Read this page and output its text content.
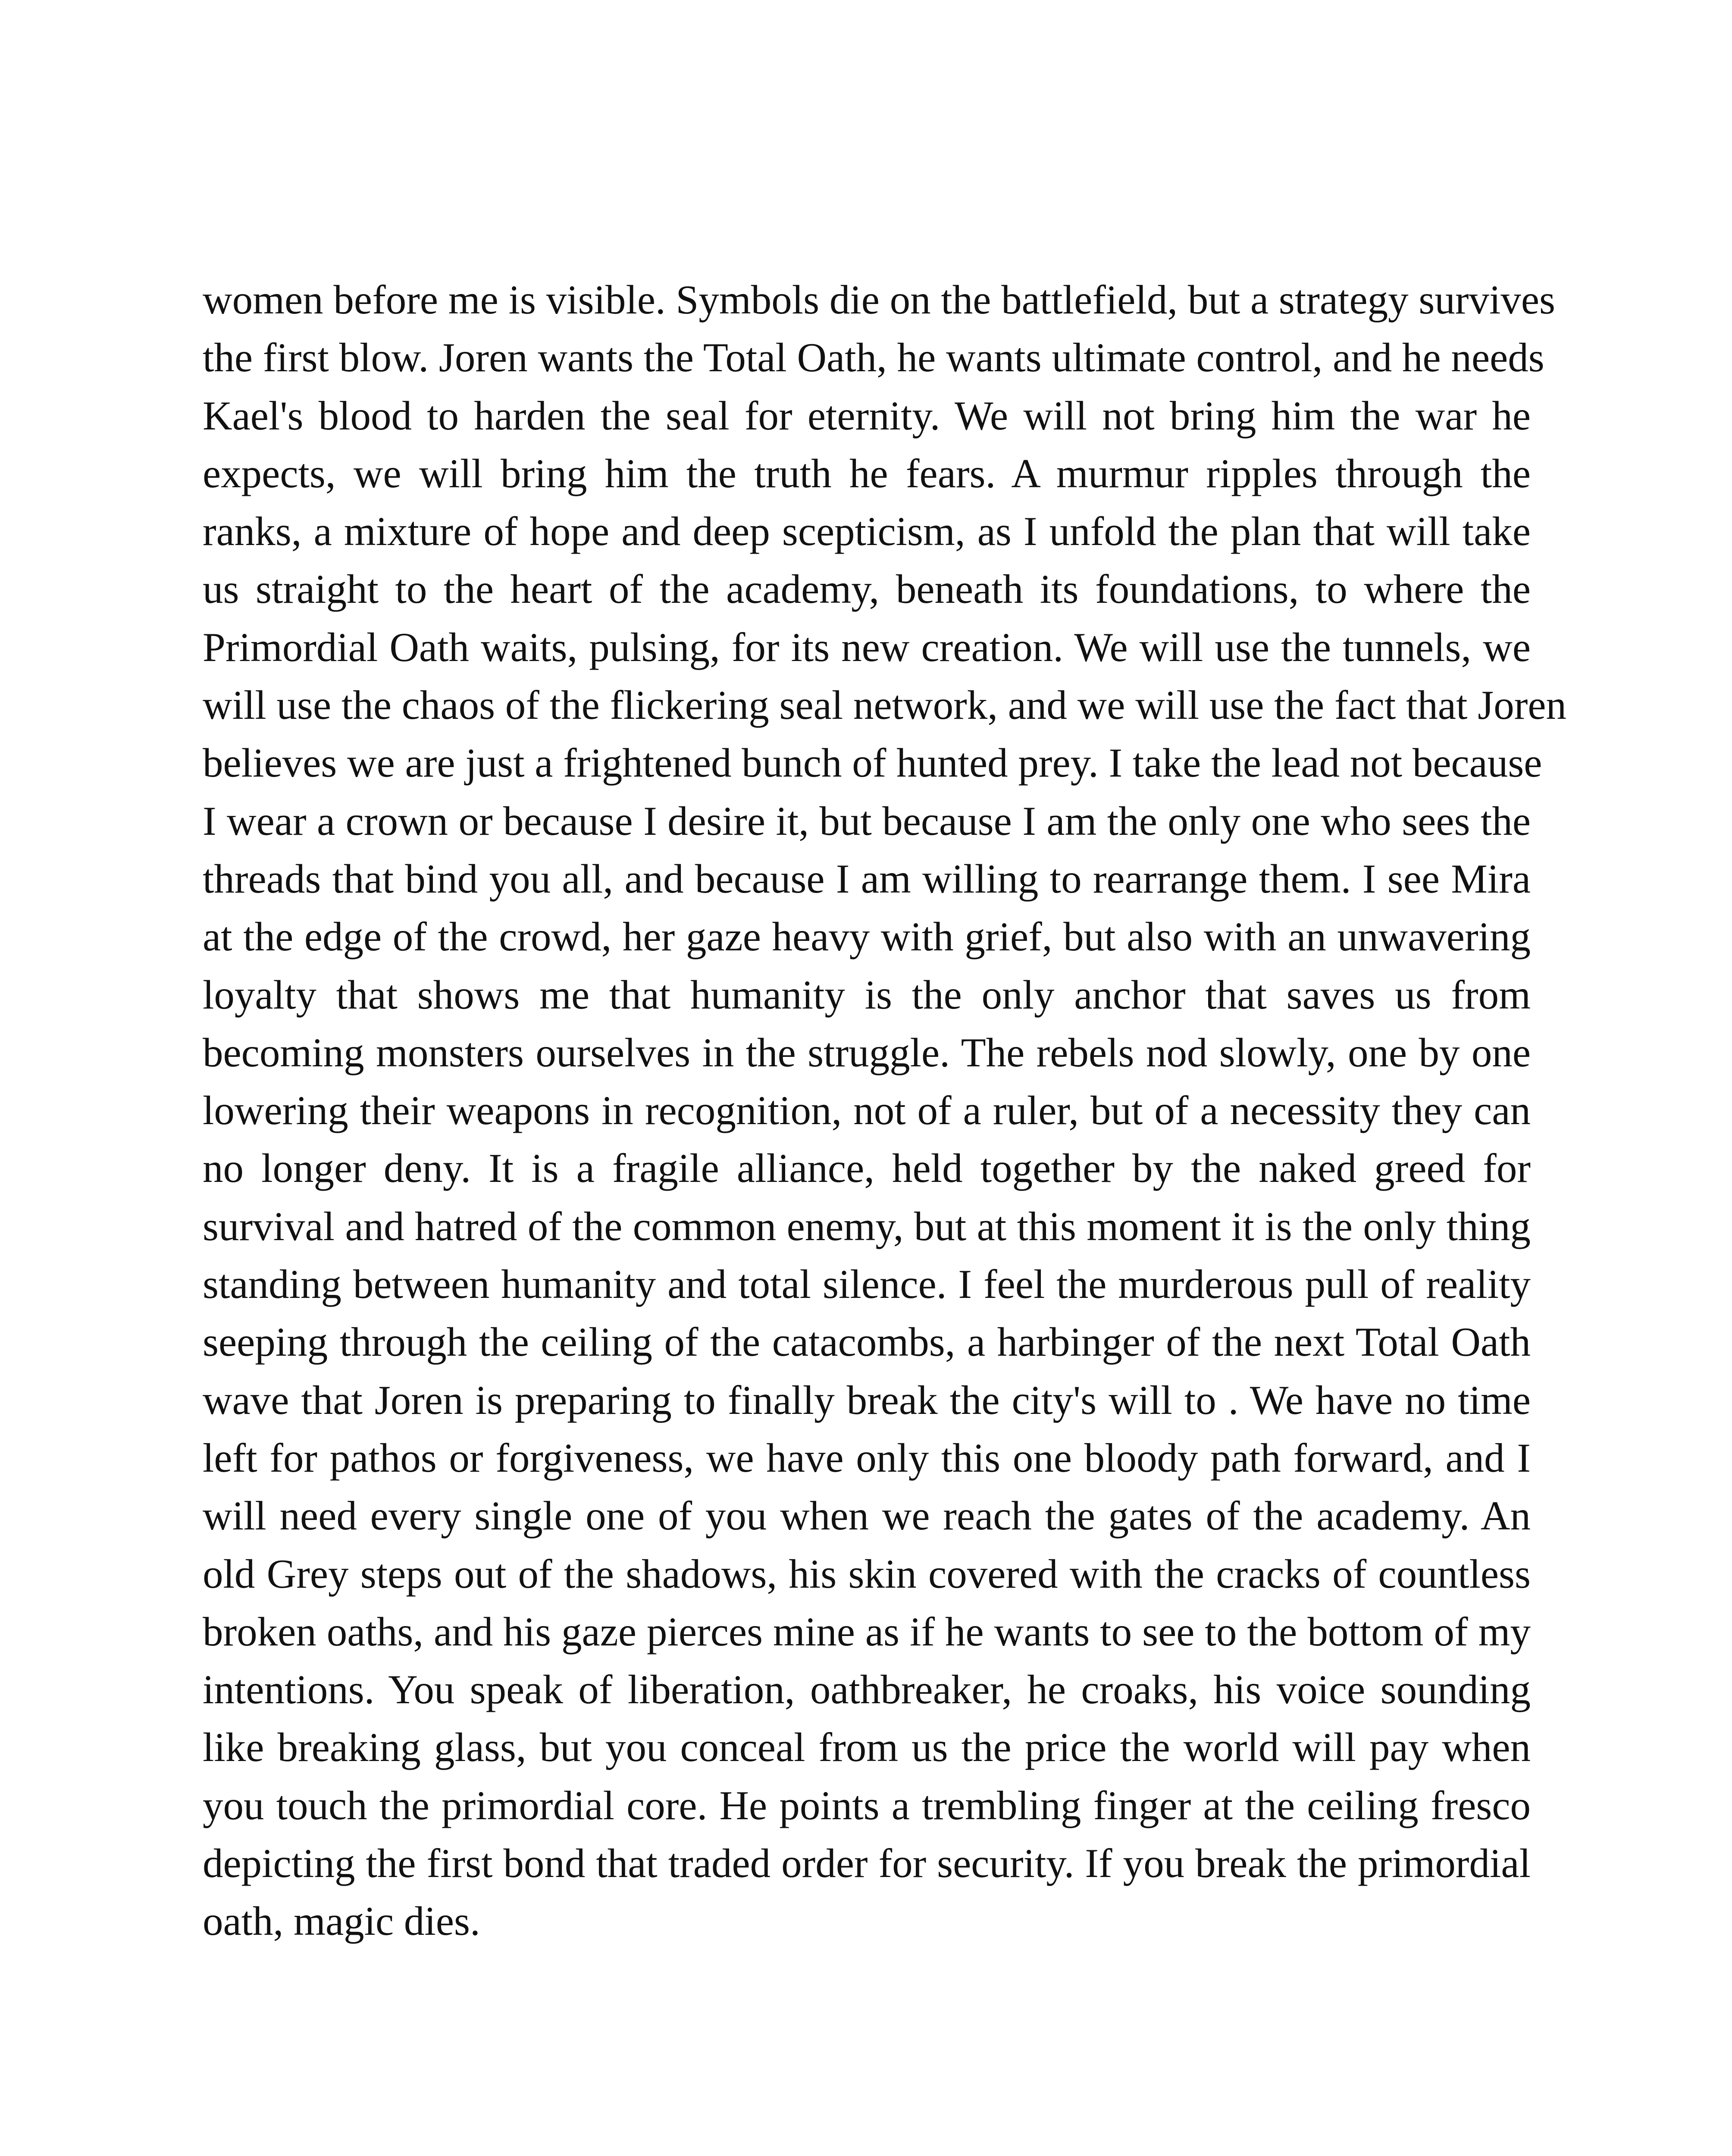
women before me is visible. Symbols die on the battlefield, but a strategy survives
the first blow. Joren wants the Total Oath, he wants ultimate control, and he needs
Kael's blood to harden the seal for eternity. We will not bring him the war he
expects, we will bring him the truth he fears. A murmur ripples through the
ranks, a mixture of hope and deep scepticism, as I unfold the plan that will take
us straight to the heart of the academy, beneath its foundations, to where the
Primordial Oath waits, pulsing, for its new creation. We will use the tunnels, we
will use the chaos of the flickering seal network, and we will use the fact that Joren
believes we are just a frightened bunch of hunted prey. I take the lead not because
I wear a crown or because I desire it, but because I am the only one who sees the
threads that bind you all, and because I am willing to rearrange them. I see Mira
at the edge of the crowd, her gaze heavy with grief, but also with an unwavering
loyalty that shows me that humanity is the only anchor that saves us from
becoming monsters ourselves in the struggle. The rebels nod slowly, one by one
lowering their weapons in recognition, not of a ruler, but of a necessity they can
no longer deny. It is a fragile alliance, held together by the naked greed for
survival and hatred of the common enemy, but at this moment it is the only thing
standing between humanity and total silence. I feel the murderous pull of reality
seeping through the ceiling of the catacombs, a harbinger of the next Total Oath
wave that Joren is preparing to finally break the city's will to . We have no time
left for pathos or forgiveness, we have only this one bloody path forward, and I
will need every single one of you when we reach the gates of the academy. An
old Grey steps out of the shadows, his skin covered with the cracks of countless
broken oaths, and his gaze pierces mine as if he wants to see to the bottom of my
intentions. You speak of liberation, oathbreaker, he croaks, his voice sounding
like breaking glass, but you conceal from us the price the world will pay when
you touch the primordial core. He points a trembling finger at the ceiling fresco
depicting the first bond that traded order for security. If you break the primordial
oath, magic dies.
